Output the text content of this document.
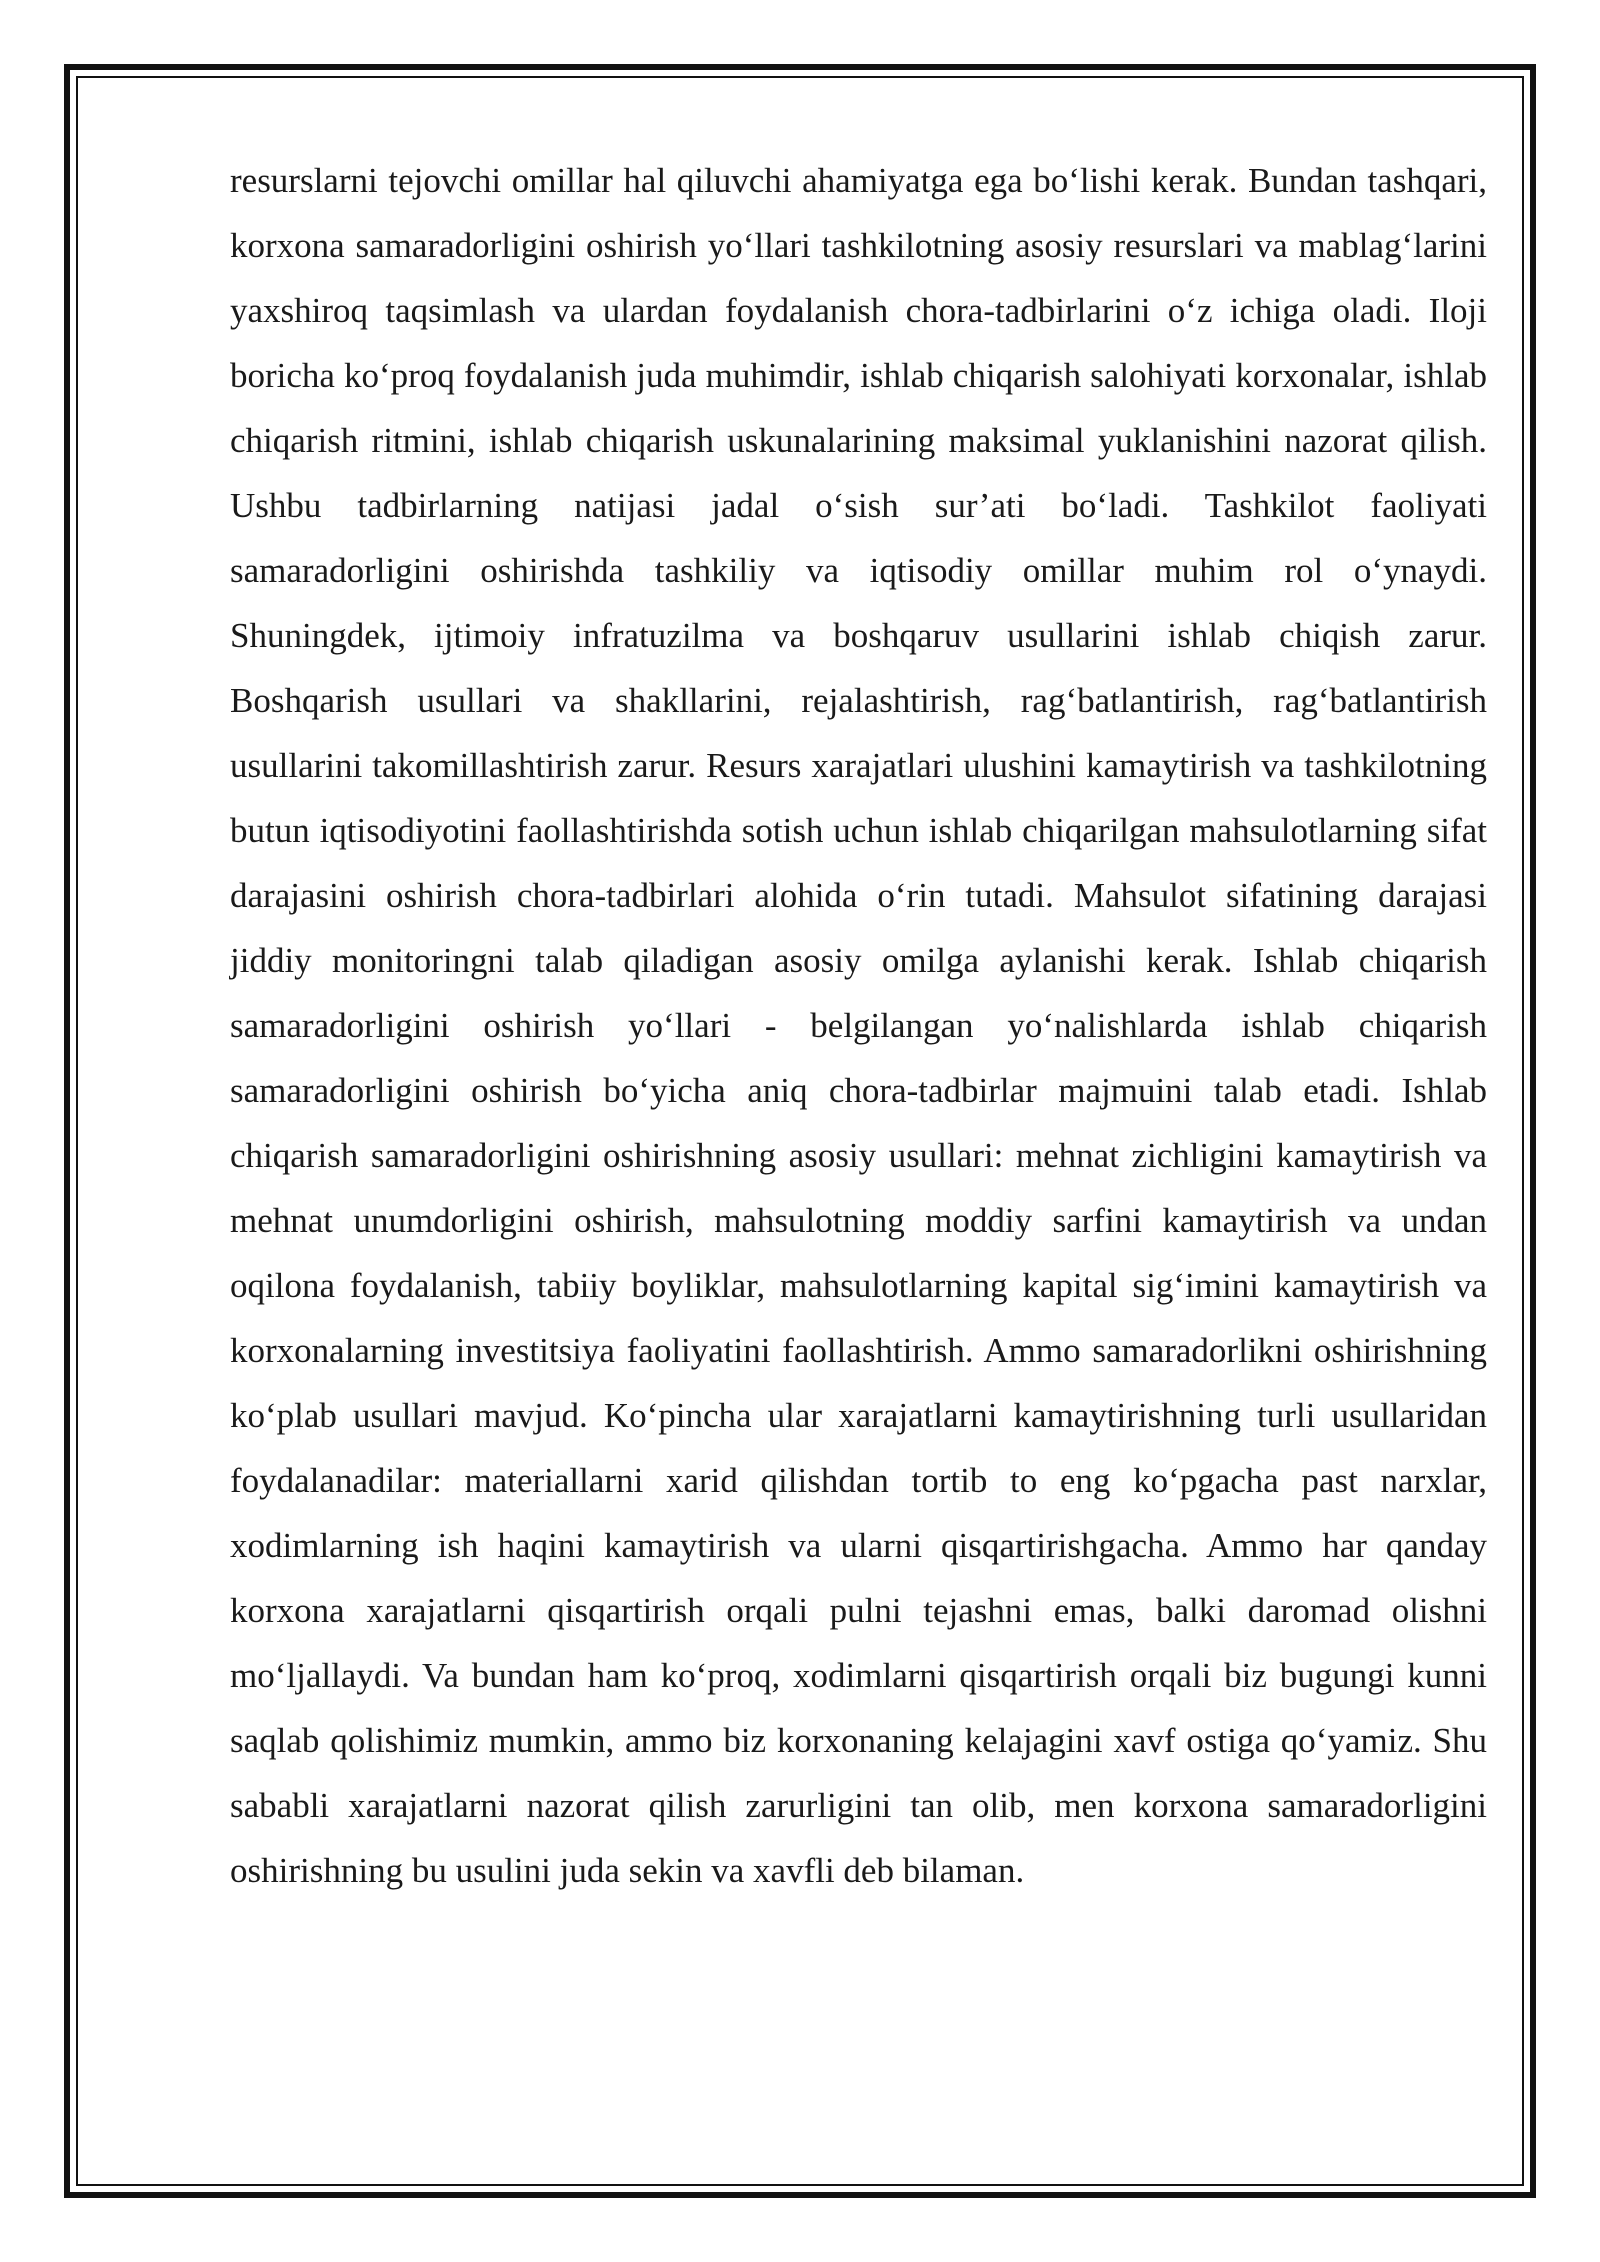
resurslarni tejovchi omillar hal qiluvchi ahamiyatga ega bo‘lishi kerak. Bundan tashqari, korxona samaradorligini oshirish yo‘llari tashkilotning asosiy resurslari va mablag‘larini yaxshiroq taqsimlash va ulardan foydalanish chora-tadbirlarini o‘z ichiga oladi. Iloji boricha ko‘proq foydalanish juda muhimdir, ishlab chiqarish salohiyati korxonalar, ishlab chiqarish ritmini, ishlab chiqarish uskunalarining maksimal yuklanishini nazorat qilish. Ushbu tadbirlarning natijasi jadal o‘sish sur’ati bo‘ladi. Tashkilot faoliyati samaradorligini oshirishda tashkiliy va iqtisodiy omillar muhim rol o‘ynaydi. Shuningdek, ijtimoiy infratuzilma va boshqaruv usullarini ishlab chiqish zarur. Boshqarish usullari va shakllarini, rejalashtirish, rag‘batlantirish, rag‘batlantirish usullarini takomillashtirish zarur. Resurs xarajatlari ulushini kamaytirish va tashkilotning butun iqtisodiyotini faollashtirishda sotish uchun ishlab chiqarilgan mahsulotlarning sifat darajasini oshirish chora-tadbirlari alohida o‘rin tutadi. Mahsulot sifatining darajasi jiddiy monitoringni talab qiladigan asosiy omilga aylanishi kerak. Ishlab chiqarish samaradorligini oshirish yo‘llari - belgilangan yo‘nalishlarda ishlab chiqarish samaradorligini oshirish bo‘yicha aniq chora-tadbirlar majmuini talab etadi. Ishlab chiqarish samaradorligini oshirishning asosiy usullari: mehnat zichligini kamaytirish va mehnat unumdorligini oshirish, mahsulotning moddiy sarfini kamaytirish va undan oqilona foydalanish, tabiiy boyliklar, mahsulotlarning kapital sig‘imini kamaytirish va korxonalarning investitsiya faoliyatini faollashtirish. Ammo samaradorlikni oshirishning ko‘plab usullari mavjud. Ko‘pincha ular xarajatlarni kamaytirishning turli usullaridan foydalanadilar: materiallarni xarid qilishdan tortib to eng ko‘pgacha past narxlar, xodimlarning ish haqini kamaytirish va ularni qisqartirishgacha. Ammo har qanday korxona xarajatlarni qisqartirish orqali pulni tejashni emas, balki daromad olishni mo‘ljallaydi. Va bundan ham ko‘proq, xodimlarni qisqartirish orqali biz bugungi kunni saqlab qolishimiz mumkin, ammo biz korxonaning kelajagini xavf ostiga qo‘yamiz. Shu sababli xarajatlarni nazorat qilish zarurligini tan olib, men korxona samaradorligini oshirishning bu usulini juda sekin va xavfli deb bilaman.
